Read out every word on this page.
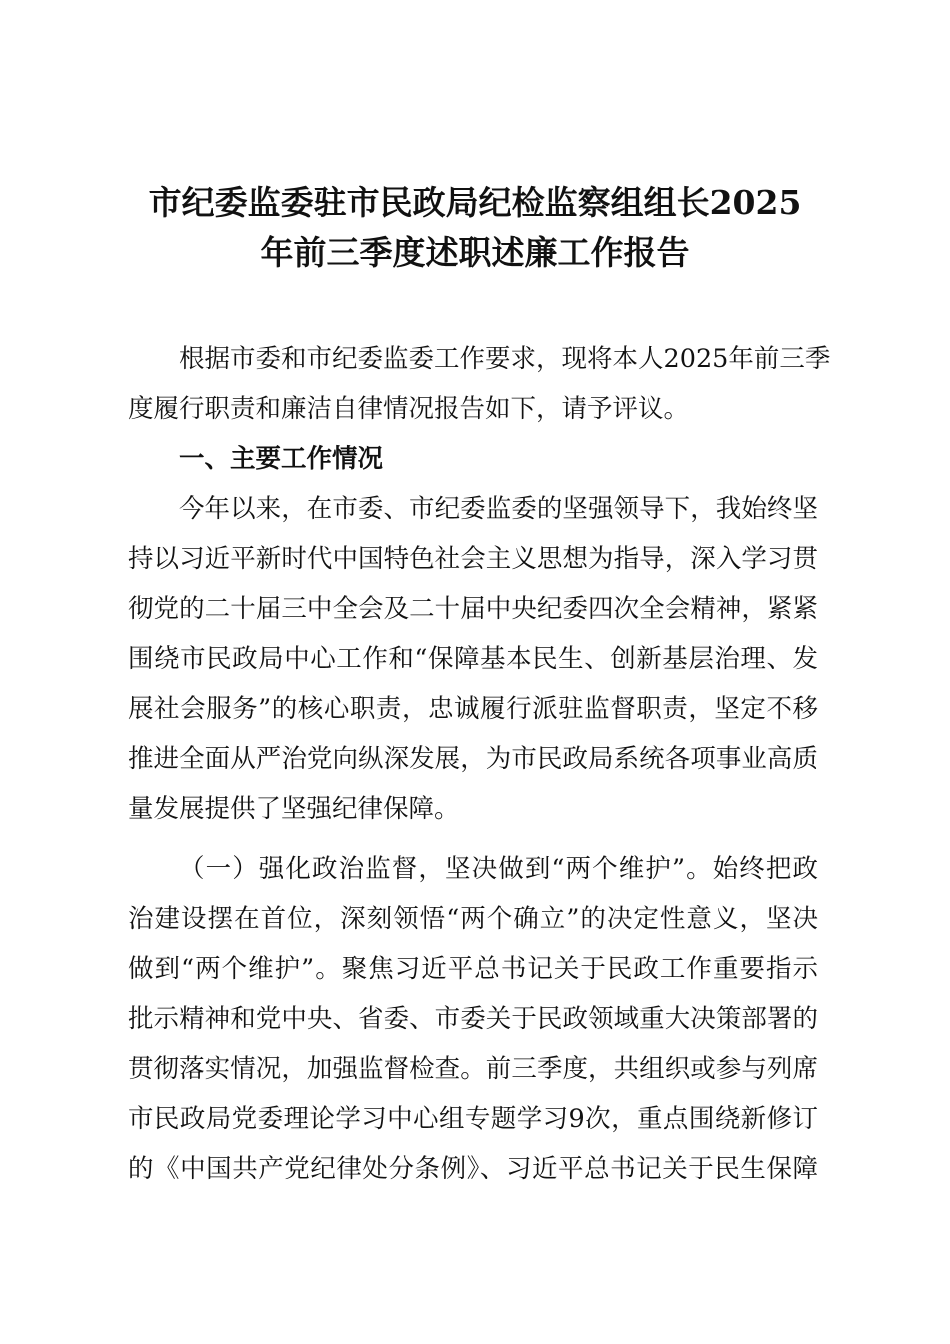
市纪委监委驻市民政局纪检监察组组长2025
年前三季度述职述廉工作报告
根据市委和市纪委监委工作要求，现将本人2025年前三季
度履行职责和廉洁自律情况报告如下，请予评议。
一、主要工作情况
今年以来，在市委、市纪委监委的坚强领导下，我始终坚
持以习近平新时代中国特色社会主义思想为指导，深入学习贯
彻党的二十届三中全会及二十届中央纪委四次全会精神，紧紧
围绕市民政局中心工作和“保障基本民生、创新基层治理、发
展社会服务”的核心职责，忠诚履行派驻监督职责，坚定不移
推进全面从严治党向纵深发展，为市民政局系统各项事业高质
量发展提供了坚强纪律保障。
（一）强化政治监督，坚决做到“两个维护”。始终把政
治建设摆在首位，深刻领悟“两个确立”的决定性意义，坚决
做到“两个维护”。聚焦习近平总书记关于民政工作重要指示
批示精神和党中央、省委、市委关于民政领域重大决策部署的
贯彻落实情况，加强监督检查。前三季度，共组织或参与列席
市民政局党委理论学习中心组专题学习9次，重点围绕新修订
的《中国共产党纪律处分条例》、习近平总书记关于民生保障
